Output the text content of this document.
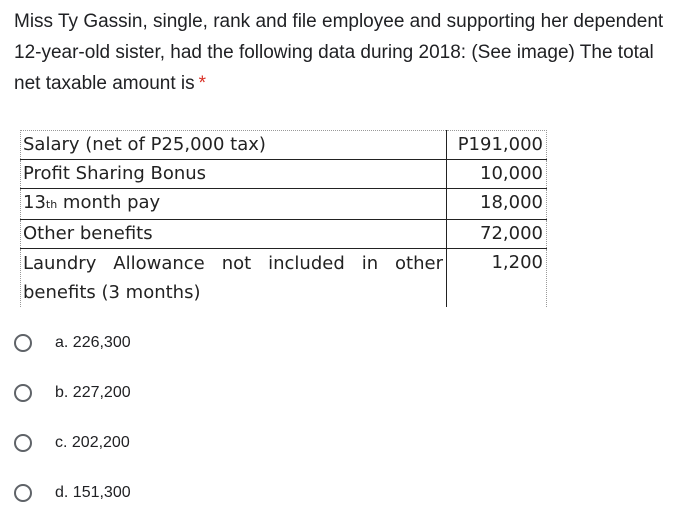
Miss Ty Gassin, single, rank and file employee and supporting her dependent 12-year-old sister, had the following data during 2018: (See image) The total net taxable amount is *
Salary (net of P25,000 tax)	P191,000
Profit Sharing Bonus	10,000
13th month pay	18,000
Other benefits	72,000
Laundry Allowance not included in other benefits (3 months)	1,200
a. 226,300
b. 227,200
c. 202,200
d. 151,300
